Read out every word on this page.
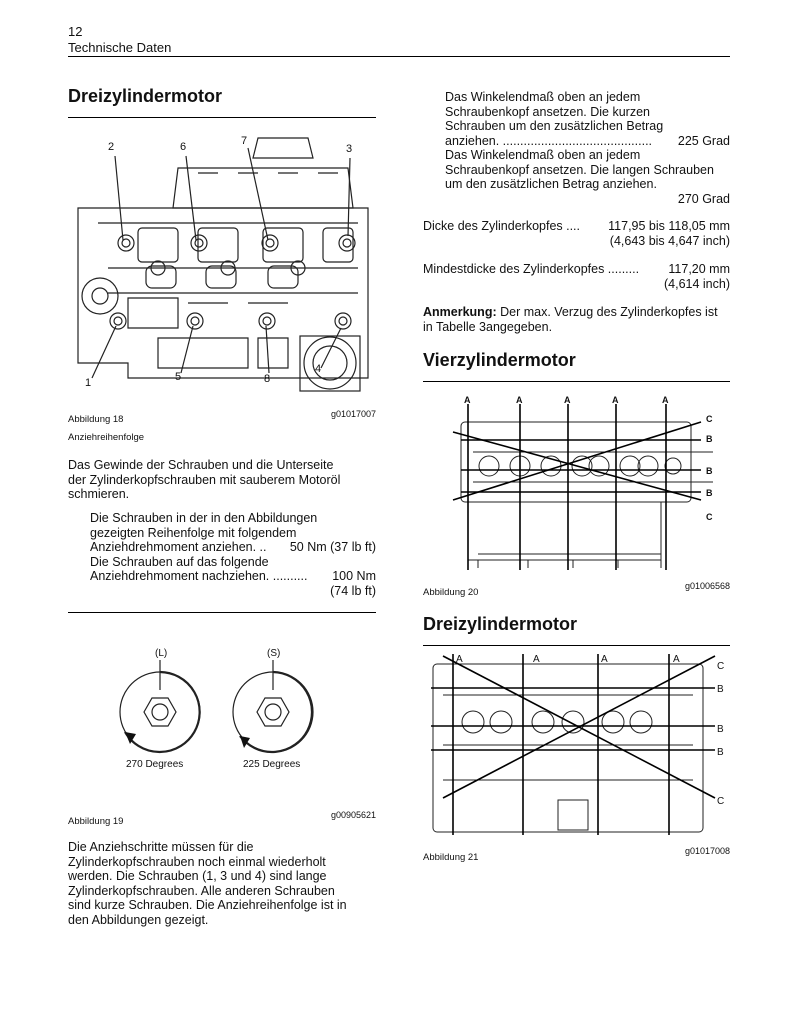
12
Technische Daten
Dreizylindermotor
2	6	7
3
1	5	8
4
Abbildung 18	g01017007
Anziehreihenfolge
Das Gewinde der Schrauben und die Unterseite
der Zylinderkopfschrauben mit sauberem Motoröl
schmieren.
Die Schrauben in der in den Abbildungen
gezeigten Reihenfolge mit folgendem
Anziehdrehmoment anziehen. .. 50 Nm (37 lb ft)
Die Schrauben auf das folgende
Anziehdrehmoment nachziehen. .......... 100 Nm
(74 lb ft)
(L)	(S)
270 Degrees	225 Degrees
Abbildung 19
g00905621
Die Anziehschritte müssen für die
Zylinderkopfschrauben noch einmal wiederholt
werden. Die Schrauben (1, 3 und 4) sind lange
Zylinderkopfschrauben. Alle anderen Schrauben
sind kurze Schrauben. Die Anziehreihenfolge ist in
den Abbildungen gezeigt.
Das Winkelendmaß oben an jedem
Schraubenkopf ansetzen. Die kurzen
Schrauben um den zusätzlichen Betrag
anziehen. ........................................... 225 Grad
Das Winkelendmaß oben an jedem
Schraubenkopf ansetzen. Die langen Schrauben
um den zusätzlichen Betrag anziehen.
270 Grad
Dicke des Zylinderkopfes .... 117,95 bis 118,05 mm
(4,643 bis 4,647 inch)
Mindestdicke des Zylinderkopfes ......... 117,20 mm
(4,614 inch)
Anmerkung: Der max. Verzug des Zylinderkopfes ist
in Tabelle 3angegeben.
Vierzylindermotor
A	A	A	A	A
C
B
B
B
C
Abbildung 20
g01006568
Dreizylindermotor
A	A	A	A
C
B
B
B
C
Abbildung 21
g01017008
